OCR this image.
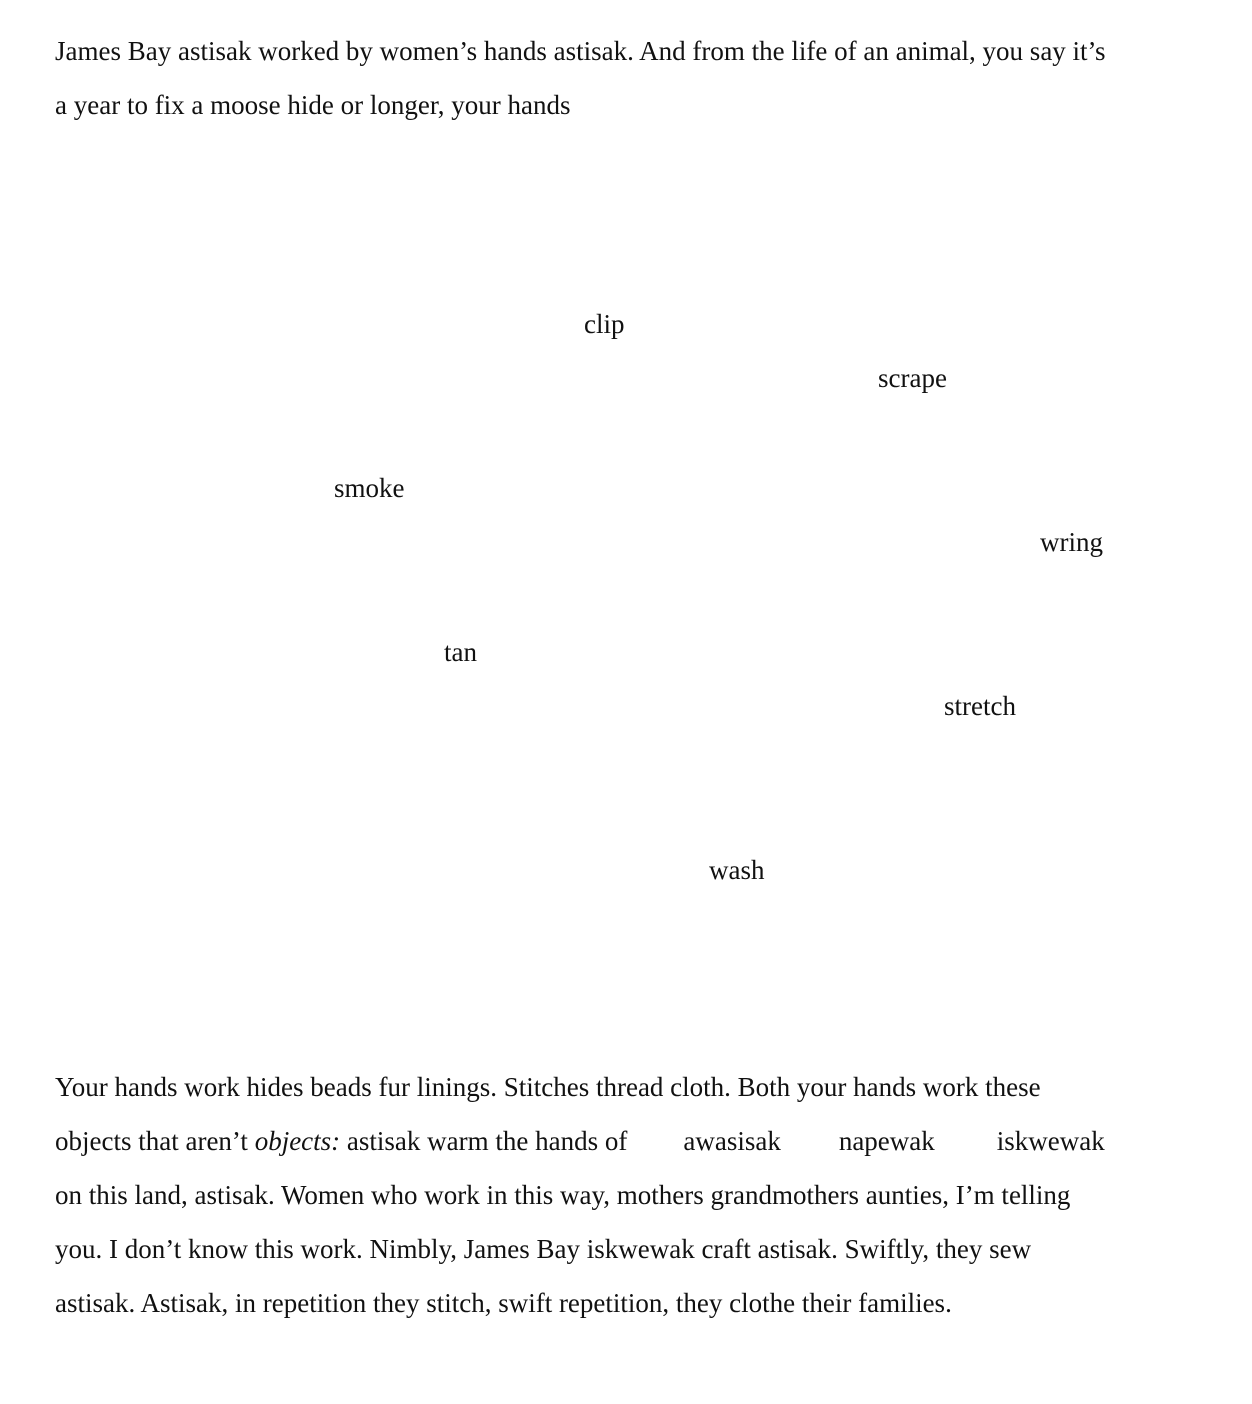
James Bay astisak worked by women’s hands astisak. And from the life of an animal, you say it’s
a year to fix a moose hide or longer, your hands

clip
scrape
smoke
wring
tan
stretch
wash

Your hands work hides beads fur linings. Stitches thread cloth. Both your hands work these
objects that aren’t objects: astisak warm the hands of awasisak napewak iskwewak
on this land, astisak. Women who work in this way, mothers grandmothers aunties, I’m telling
you. I don’t know this work. Nimbly, James Bay iskwewak craft astisak. Swiftly, they sew
astisak. Astisak, in repetition they stitch, swift repetition, they clothe their families.
